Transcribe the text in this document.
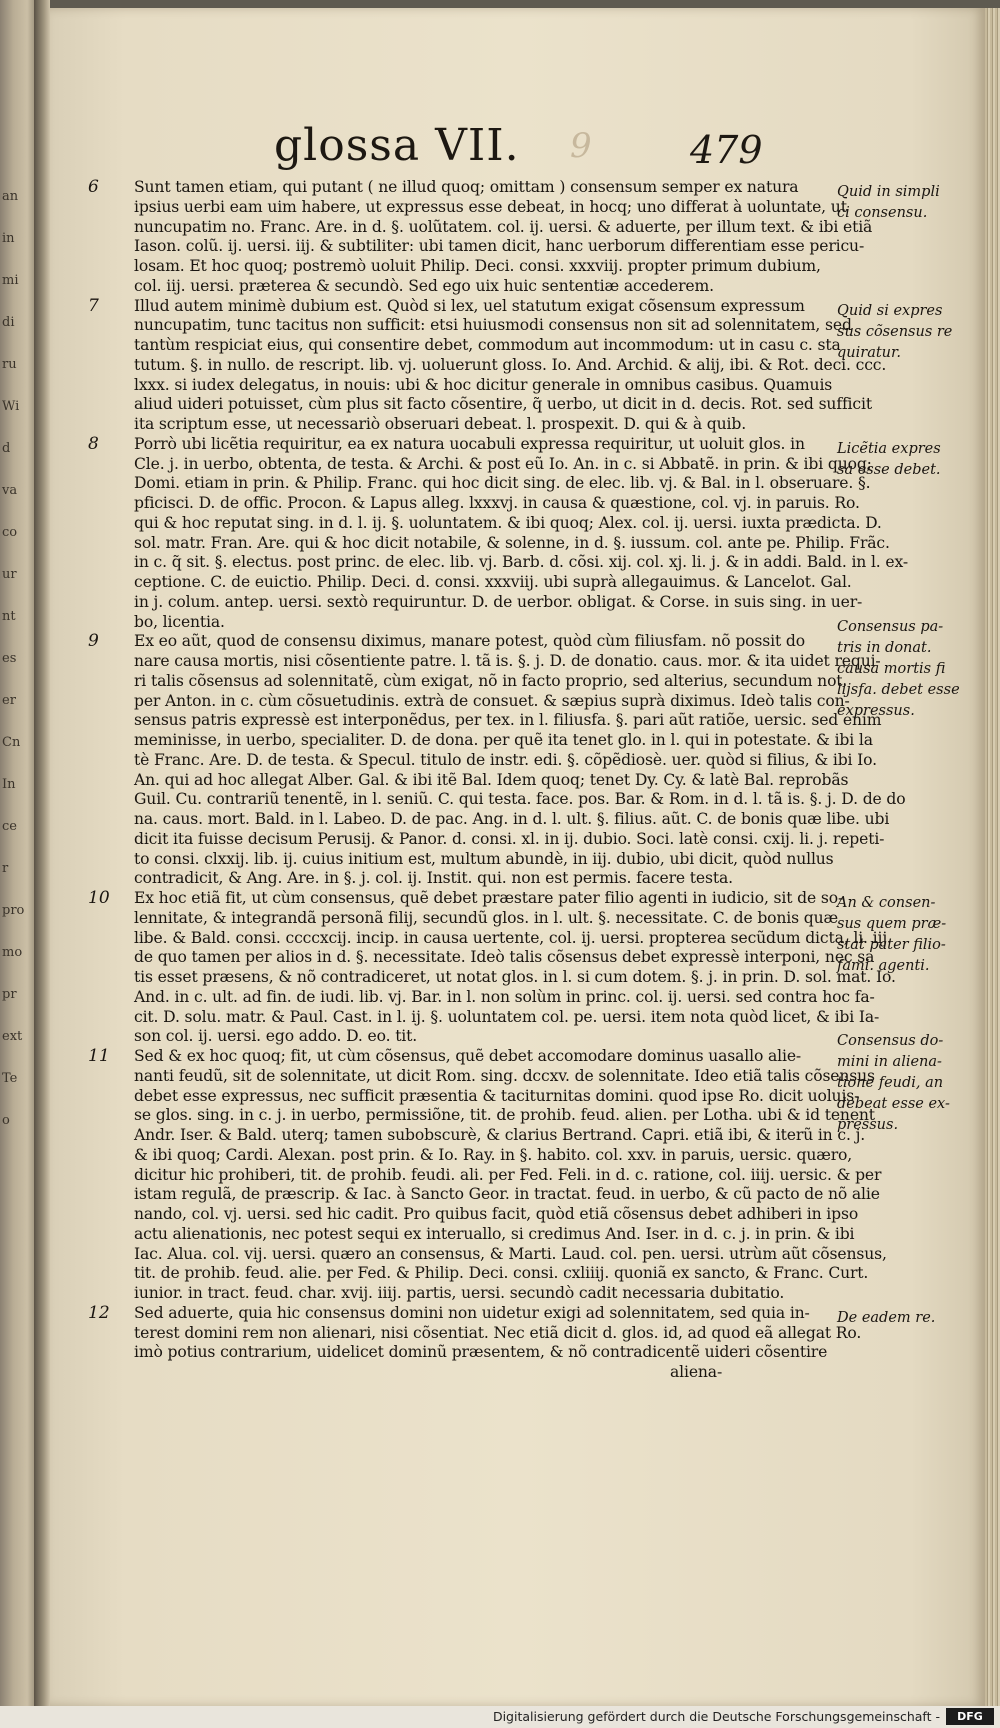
an
in
mi
di
ru
Wi
d
va
co
ur
nt
es
er
Cn
In
ce
r
pro
mo
pr
ext
Te
o
glossa VII. 9	479
Sunt tamen etiam, qui putant ( ne illud quoq; omittam ) consensum semper ex natura
ipsius uerbi eam uim habere, ut expressus esse debeat, in hocq; uno differat à uoluntate, ut
nuncupatim no. Franc. Are. in d. §. uolũtatem. col. ij. uersi. & aduerte, per illum text. & ibi etiã
Iason. colũ. ij. uersi. iij. & subtiliter: ubi tamen dicit, hanc uerborum differentiam esse pericu-
losam. Et hoc quoq; postremò uoluit Philip. Deci. consi. xxxviij. propter primum dubium,
col. iij. uersi. præterea & secundò. Sed ego uix huic sententiæ accederem.
Illud autem minimè dubium est. Quòd si lex, uel statutum exigat cõsensum expressum
nuncupatim, tunc tacitus non sufficit: etsi huiusmodi consensus non sit ad solennitatem, sed
tantùm respiciat eius, qui consentire debet, commodum aut incommodum: ut in casu c. sta
tutum. §. in nullo. de rescript. lib. vj. uoluerunt gloss. Io. And. Archid. & alij, ibi. & Rot. deci. ccc.
lxxx. si iudex delegatus, in nouis: ubi & hoc dicitur generale in omnibus casibus. Quamuis
aliud uideri potuisset, cùm plus sit facto cõsentire, q̃ uerbo, ut dicit in d. decis. Rot. sed sufficit
ita scriptum esse, ut necessariò obseruari debeat. l. prospexit. D. qui & à quib.
Porrò ubi licẽtia requiritur, ea ex natura uocabuli expressa requiritur, ut uoluit glos. in
Cle. j. in uerbo, obtenta, de testa. & Archi. & post eũ Io. An. in c. si Abbatẽ. in prin. & ibi quoq;
Domi. etiam in prin. & Philip. Franc. qui hoc dicit sing. de elec. lib. vj. & Bal. in l. obseruare. §.
pficisci. D. de offic. Procon. & Lapus alleg. lxxxvj. in causa & quæstione, col. vj. in paruis. Ro.
qui & hoc reputat sing. in d. l. ij. §. uoluntatem. & ibi quoq; Alex. col. ij. uersi. iuxta prædicta. D.
sol. matr. Fran. Are. qui & hoc dicit notabile, & solenne, in d. §. iussum. col. ante pe. Philip. Frãc.
in c. q̃ sit. §. electus. post princ. de elec. lib. vj. Barb. d. cõsi. xij. col. xj. li. j. & in addi. Bald. in l. ex-
ceptione. C. de euictio. Philip. Deci. d. consi. xxxviij. ubi suprà allegauimus. & Lancelot. Gal.
in j. colum. antep. uersi. sextò requiruntur. D. de uerbor. obligat. & Corse. in suis sing. in uer-
bo, licentia.
Ex eo aũt, quod de consensu diximus, manare potest, quòd cùm filiusfam. nõ possit do
nare causa mortis, nisi cõsentiente patre. l. tã is. §. j. D. de donatio. caus. mor. & ita uidet requi-
ri talis cõsensus ad solennitatẽ, cùm exigat, nõ in facto proprio, sed alterius, secundum not.
per Anton. in c. cùm cõsuetudinis. extrà de consuet. & sæpius suprà diximus. Ideò talis con-
sensus patris expressè est interponẽdus, per tex. in l. filiusfa. §. pari aũt ratiõe, uersic. sed enim
meminisse, in uerbo, specialiter. D. de dona. per quẽ ita tenet glo. in l. qui in potestate. & ibi la
tè Franc. Are. D. de testa. & Specul. titulo de instr. edi. §. cõpẽdiosè. uer. quòd si filius, & ibi Io.
An. qui ad hoc allegat Alber. Gal. & ibi itẽ Bal. Idem quoq; tenet Dy. Cy. & latè Bal. reprobãs
Guil. Cu. contrariũ tenentẽ, in l. seniũ. C. qui testa. face. pos. Bar. & Rom. in d. l. tã is. §. j. D. de do
na. caus. mort. Bald. in l. Labeo. D. de pac. Ang. in d. l. ult. §. filius. aũt. C. de bonis quæ libe. ubi
dicit ita fuisse decisum Perusij. & Panor. d. consi. xl. in ij. dubio. Soci. latè consi. cxij. li. j. repeti-
to consi. clxxij. lib. ij. cuius initium est, multum abundè, in iij. dubio, ubi dicit, quòd nullus
contradicit, & Ang. Are. in §. j. col. ij. Instit. qui. non est permis. facere testa.
Ex hoc etiã fit, ut cùm consensus, quẽ debet præstare pater filio agenti in iudicio, sit de so-
lennitate, & integrandã personã filij, secundũ glos. in l. ult. §. necessitate. C. de bonis quæ
libe. & Bald. consi. ccccxcij. incip. in causa uertente, col. ij. uersi. propterea secũdum dicta, li. iij.
de quo tamen per alios in d. §. necessitate. Ideò talis cõsensus debet expressè interponi, nec sa
tis esset præsens, & nõ contradiceret, ut notat glos. in l. si cum dotem. §. j. in prin. D. sol. mat. Io.
And. in c. ult. ad fin. de iudi. lib. vj. Bar. in l. non solùm in princ. col. ij. uersi. sed contra hoc fa-
cit. D. solu. matr. & Paul. Cast. in l. ij. §. uoluntatem col. pe. uersi. item nota quòd licet, & ibi Ia-
son col. ij. uersi. ego addo. D. eo. tit.
Sed & ex hoc quoq; fit, ut cùm cõsensus, quẽ debet accomodare dominus uasallo alie-
nanti feudũ, sit de solennitate, ut dicit Rom. sing. dccxv. de solennitate. Ideo etiã talis cõsensus
debet esse expressus, nec sufficit præsentia & taciturnitas domini. quod ipse Ro. dicit uoluis-
se glos. sing. in c. j. in uerbo, permissiõne, tit. de prohib. feud. alien. per Lotha. ubi & id tenent
Andr. Iser. & Bald. uterq; tamen subobscurè, & clarius Bertrand. Capri. etiã ibi, & iterũ in c. j.
& ibi quoq; Cardi. Alexan. post prin. & Io. Ray. in §. habito. col. xxv. in paruis, uersic. quæro,
dicitur hic prohiberi, tit. de prohib. feudi. ali. per Fed. Feli. in d. c. ratione, col. iiij. uersic. & per
istam regulã, de præscrip. & Iac. à Sancto Geor. in tractat. feud. in uerbo, & cũ pacto de nõ alie
nando, col. vj. uersi. sed hic cadit. Pro quibus facit, quòd etiã cõsensus debet adhiberi in ipso
actu alienationis, nec potest sequi ex interuallo, si credimus And. Iser. in d. c. j. in prin. & ibi
Iac. Alua. col. vij. uersi. quæro an consensus, & Marti. Laud. col. pen. uersi. utrùm aũt cõsensus,
tit. de prohib. feud. alie. per Fed. & Philip. Deci. consi. cxliiij. quoniã ex sancto, & Franc. Curt.
iunior. in tract. feud. char. xvij. iiij. partis, uersi. secundò cadit necessaria dubitatio.
Sed aduerte, quia hic consensus domini non uidetur exigi ad solennitatem, sed quia in-
terest domini rem non alienari, nisi cõsentiat. Nec etiã dicit d. glos. id, ad quod eã allegat Ro.
imò potius contrarium, uidelicet dominũ præsentem, & nõ contradicentẽ uideri cõsentire
aliena-
6
7
8
9
10
11
12
Quid in simpli
ci consensu.
Quid si expres
sus cõsensus re
quiratur.
Licẽtia expres
sa esse debet.
Consensus pa-
tris in donat.
causa mortis fi
lijsfa. debet esse
expressus.
An & consen-
sus quem præ-
stat pater filio-
fami. agenti.
Consensus do-
mini in aliena-
tione feudi, an
debeat esse ex-
pressus.
De eadem re.
Digitalisierung gefördert durch die Deutsche Forschungsgemeinschaft -	DFG
